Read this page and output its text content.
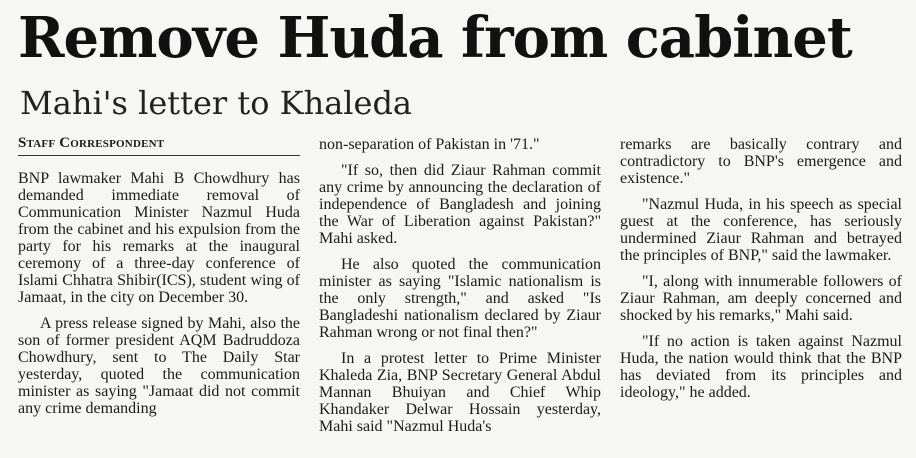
Remove Huda from cabinet
Mahi's letter to Khaleda
Staff Correspondent

BNP lawmaker Mahi B Chowdhury has demanded immediate removal of Communication Minister Nazmul Huda from the cabinet and his expulsion from the party for his remarks at the inaugural ceremony of a three-day conference of Islami Chhatra Shibir(ICS), student wing of Jamaat, in the city on December 30.

A press release signed by Mahi, also the son of former president AQM Badruddoza Chowdhury, sent to The Daily Star yesterday, quoted the communication minister as saying "Jamaat did not commit any crime demanding

non-separation of Pakistan in '71."

"If so, then did Ziaur Rahman commit any crime by announcing the declaration of independence of Bangladesh and joining the War of Liberation against Pakistan?" Mahi asked.

He also quoted the communication minister as saying "Islamic nationalism is the only strength," and asked "Is Bangladeshi nationalism declared by Ziaur Rahman wrong or not final then?"

In a protest letter to Prime Minister Khaleda Zia, BNP Secretary General Abdul Mannan Bhuiyan and Chief Whip Khandaker Delwar Hossain yesterday, Mahi said "Nazmul Huda's

remarks are basically contrary and contradictory to BNP's emergence and existence."

"Nazmul Huda, in his speech as special guest at the conference, has seriously undermined Ziaur Rahman and betrayed the principles of BNP," said the lawmaker.

"I, along with innumerable followers of Ziaur Rahman, am deeply concerned and shocked by his remarks," Mahi said.

"If no action is taken against Nazmul Huda, the nation would think that the BNP has deviated from its principles and ideology," he added.
